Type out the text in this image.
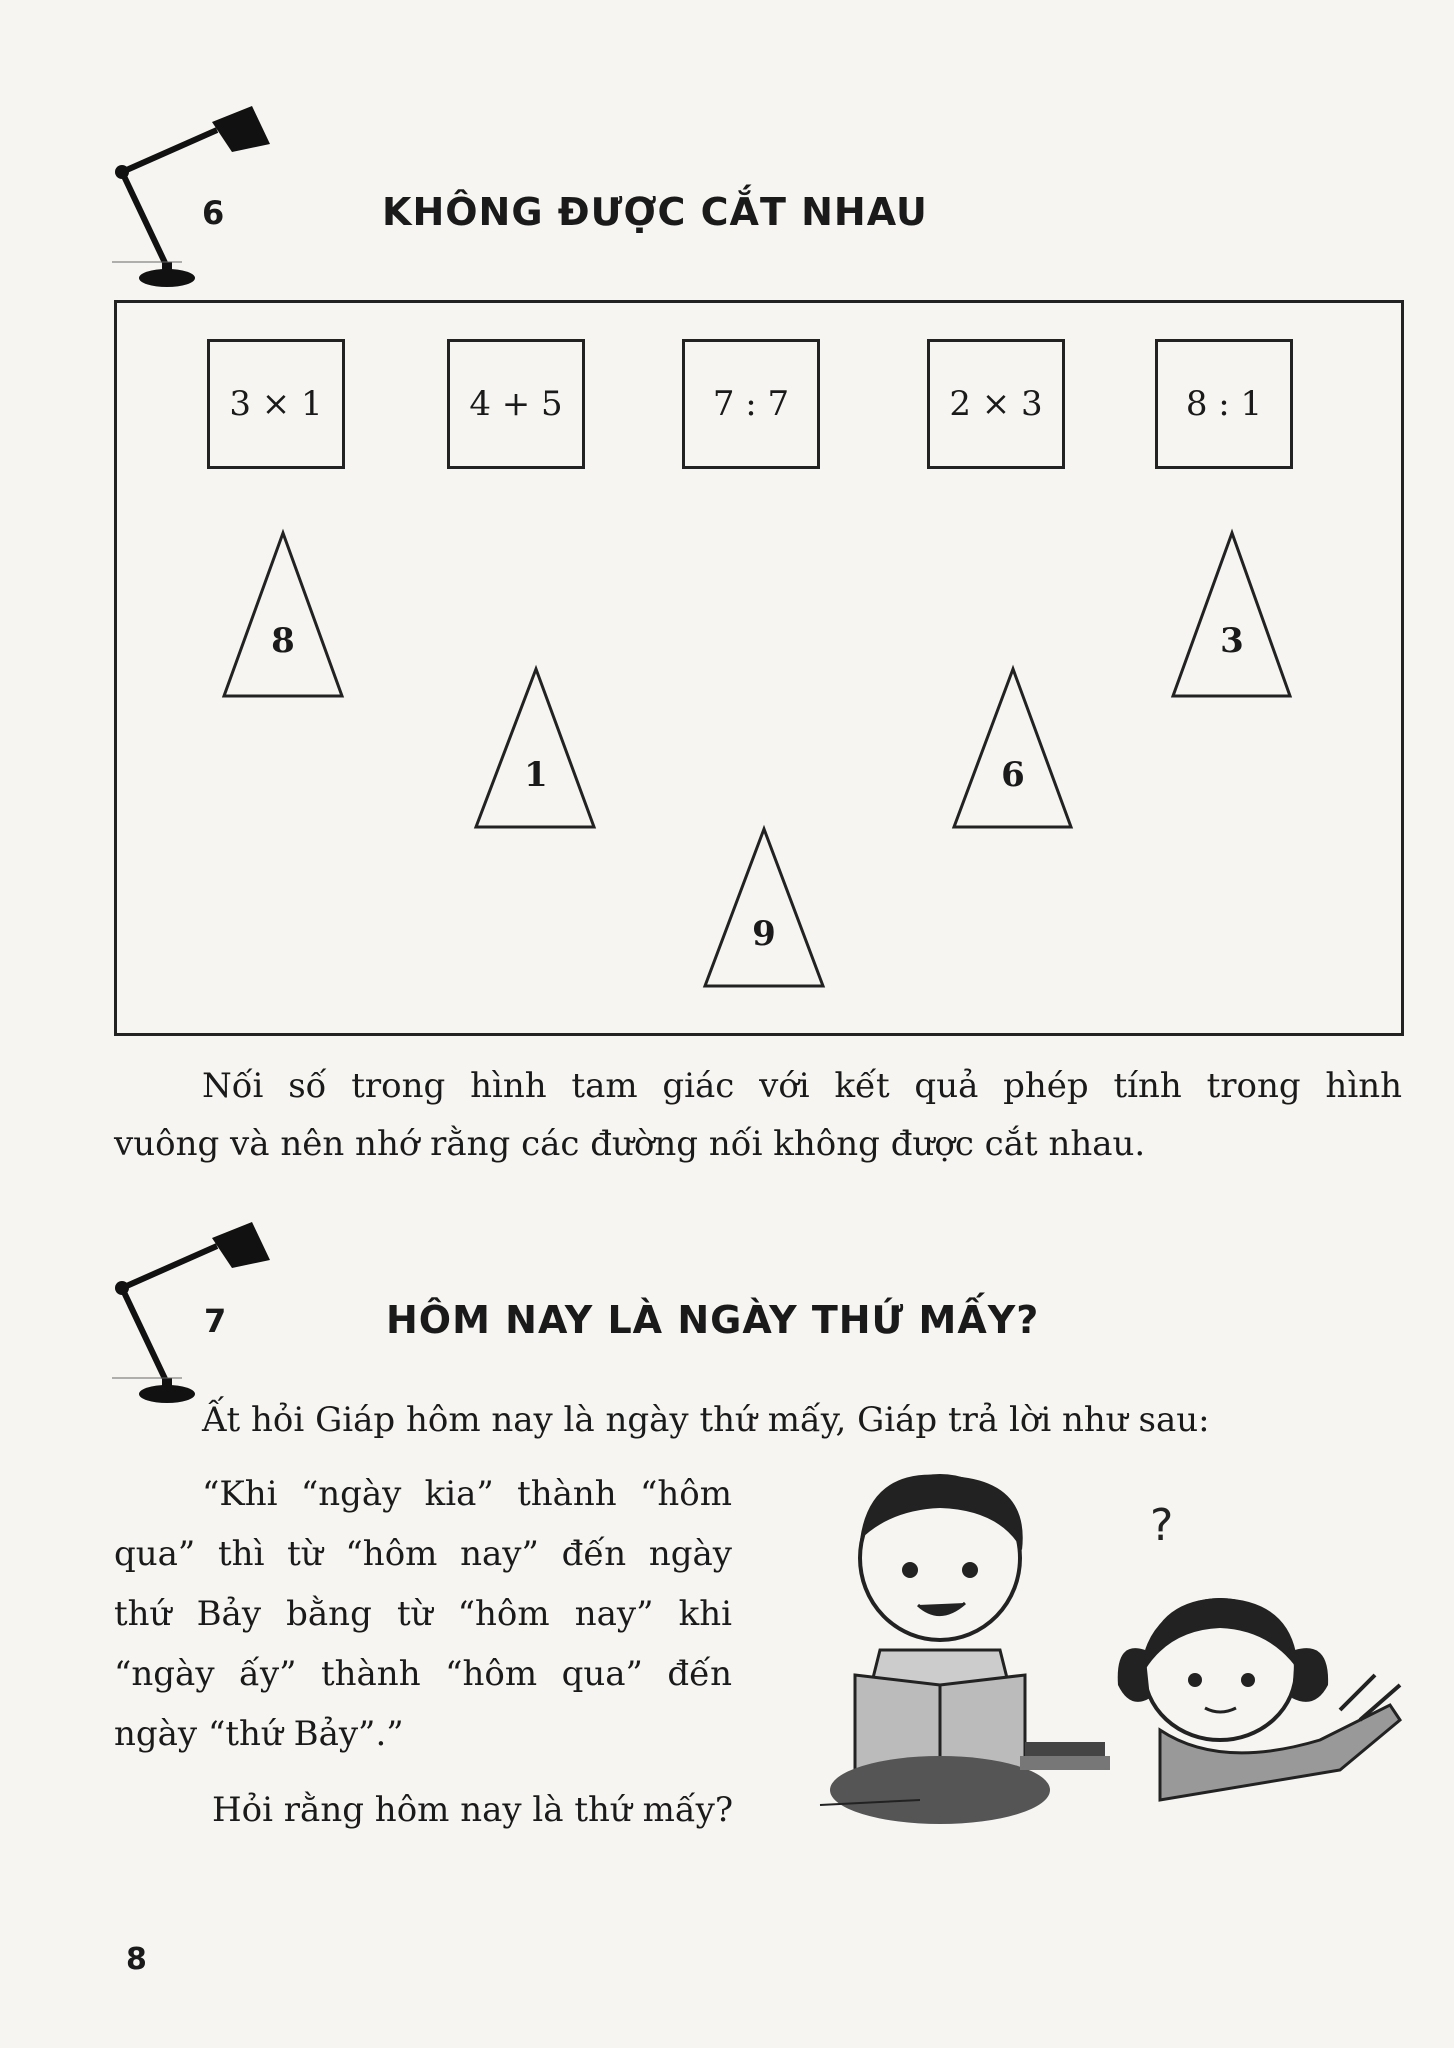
6	KHÔNG ĐƯỢC CẮT NHAU
3 × 1	4 + 5	7 : 7	2 × 3	8 : 1
8
1
9
6
3
Nối số trong hình tam giác với kết quả phép tính trong hình
vuông và nên nhớ rằng các đường nối không được cắt nhau.
7	HÔM NAY LÀ NGÀY THỨ MẤY?
Ất hỏi Giáp hôm nay là ngày thứ mấy, Giáp trả lời như sau:
“Khi “ngày kia” thành “hôm
qua” thì từ “hôm nay” đến ngày
thứ Bảy bằng từ “hôm nay” khi
“ngày ấy” thành “hôm qua” đến
ngày “thứ Bảy”.”
Hỏi rằng hôm nay là thứ mấy?
?
8
